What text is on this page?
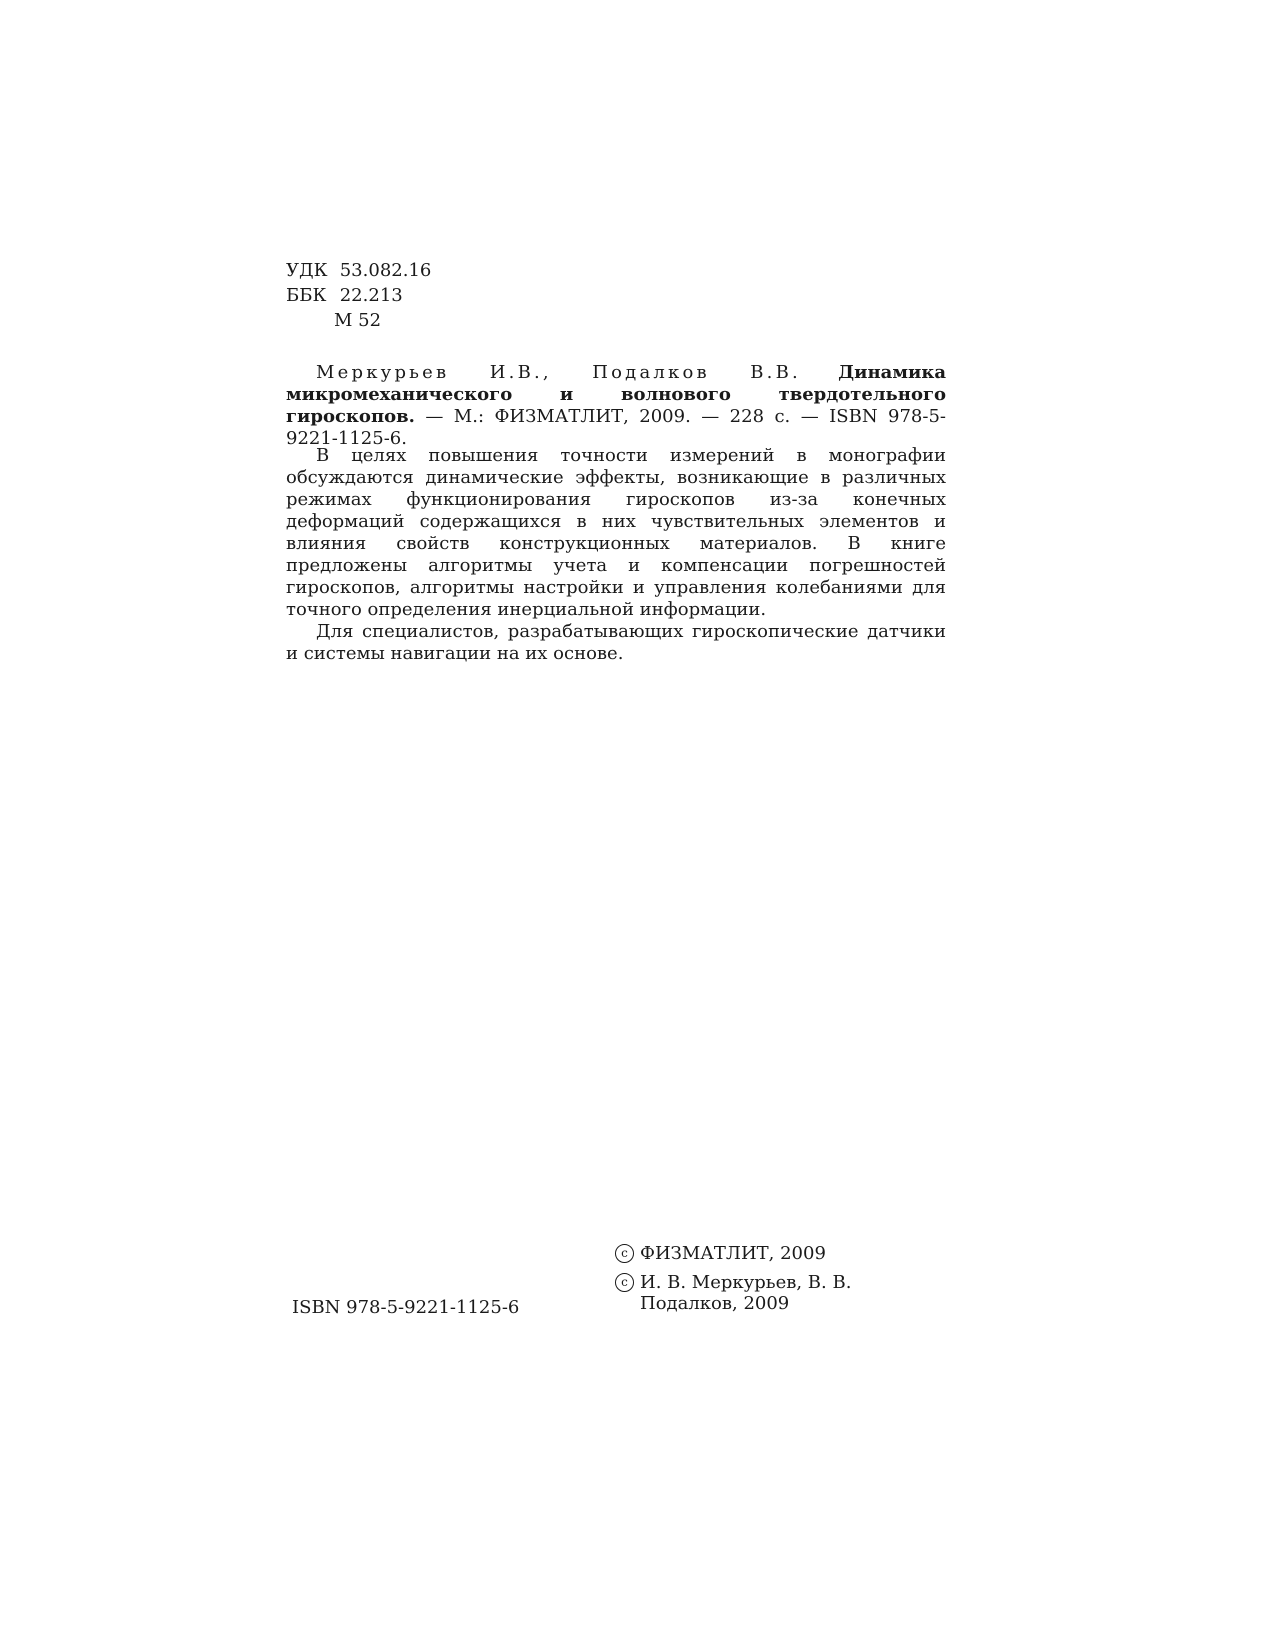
УДК 53.082.16
ББК 22.213
М 52
Меркурьев И.В., Подалков В.В. Динамика микромеханического и волнового твердотельного гироскопов. — М.: ФИЗМАТЛИТ, 2009. — 228 с. — ISBN 978-5-9221-1125-6.

В целях повышения точности измерений в монографии обсуждаются динамические эффекты, возникающие в различных режимах функционирования гироскопов из-за конечных деформаций содержащихся в них чувствительных элементов и влияния свойств конструкционных материалов. В книге предложены алгоритмы учета и компенсации погрешностей гироскопов, алгоритмы настройки и управления колебаниями для точного определения инерциальной информации.

Для специалистов, разрабатывающих гироскопические датчики и системы навигации на их основе.

ISBN 978-5-9221-1125-6
c ФИЗМАТЛИТ, 2009
c И. В. Меркурьев, В. В. Подалков, 2009
